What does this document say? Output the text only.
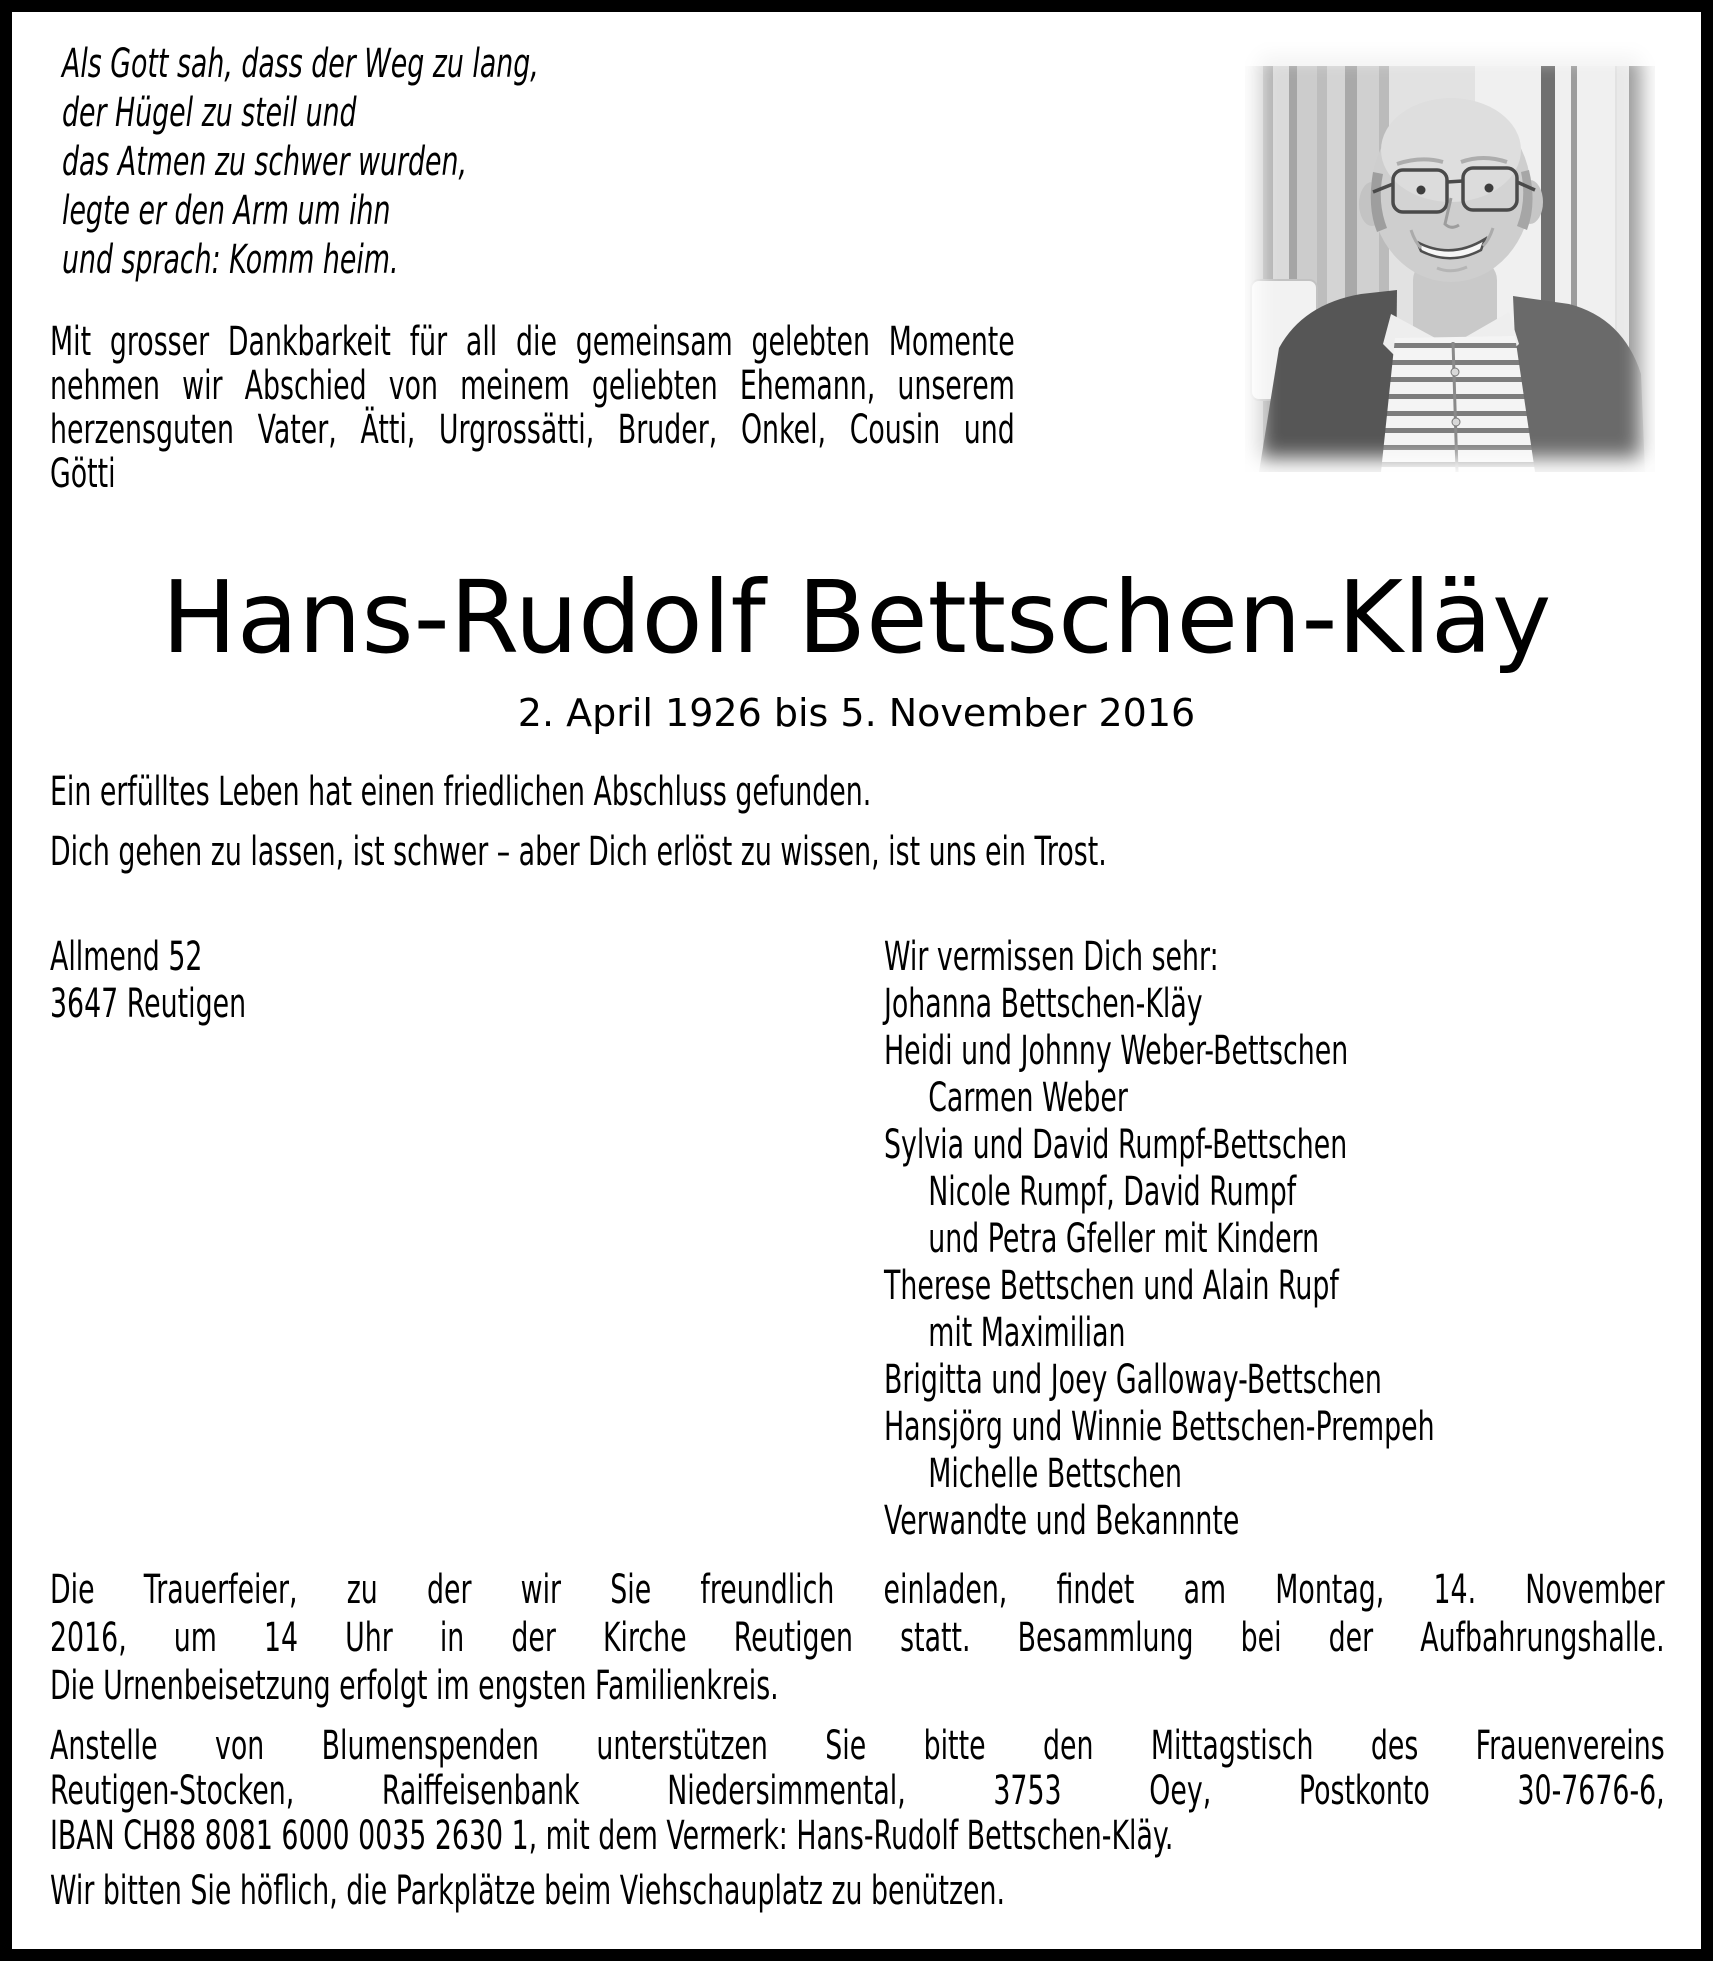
Als Gott sah, dass der Weg zu lang,
der Hügel zu steil und
das Atmen zu schwer wurden,
legte er den Arm um ihn
und sprach: Komm heim.
Mit grosser Dankbarkeit für all die gemeinsam gelebten Momente
nehmen wir Abschied von meinem geliebten Ehemann, unserem
herzensguten Vater, Ätti, Urgrossätti, Bruder, Onkel, Cousin und
Götti
Hans-Rudolf Bettschen-Kläy
2. April 1926 bis 5. November 2016
Ein erfülltes Leben hat einen friedlichen Abschluss gefunden.
Dich gehen zu lassen, ist schwer – aber Dich erlöst zu wissen, ist uns ein Trost.
Allmend 52
3647 Reutigen
Wir vermissen Dich sehr:
Johanna Bettschen-Kläy
Heidi und Johnny Weber-Bettschen
Carmen Weber
Sylvia und David Rumpf-Bettschen
Nicole Rumpf, David Rumpf
und Petra Gfeller mit Kindern
Therese Bettschen und Alain Rupf
mit Maximilian
Brigitta und Joey Galloway-Bettschen
Hansjörg und Winnie Bettschen-Prempeh
Michelle Bettschen
Verwandte und Bekannnte
Die Trauerfeier, zu der wir Sie freundlich einladen, findet am Montag, 14. November
2016, um 14 Uhr in der Kirche Reutigen statt. Besammlung bei der Aufbahrungshalle.
Die Urnenbeisetzung erfolgt im engsten Familienkreis.
Anstelle von Blumenspenden unterstützen Sie bitte den Mittagstisch des Frauenvereins
Reutigen-Stocken, Raiffeisenbank Niedersimmental, 3753 Oey, Postkonto 30-7676-6,
IBAN CH88 8081 6000 0035 2630 1, mit dem Vermerk: Hans-Rudolf Bettschen-Kläy.
Wir bitten Sie höflich, die Parkplätze beim Viehschauplatz zu benützen.
